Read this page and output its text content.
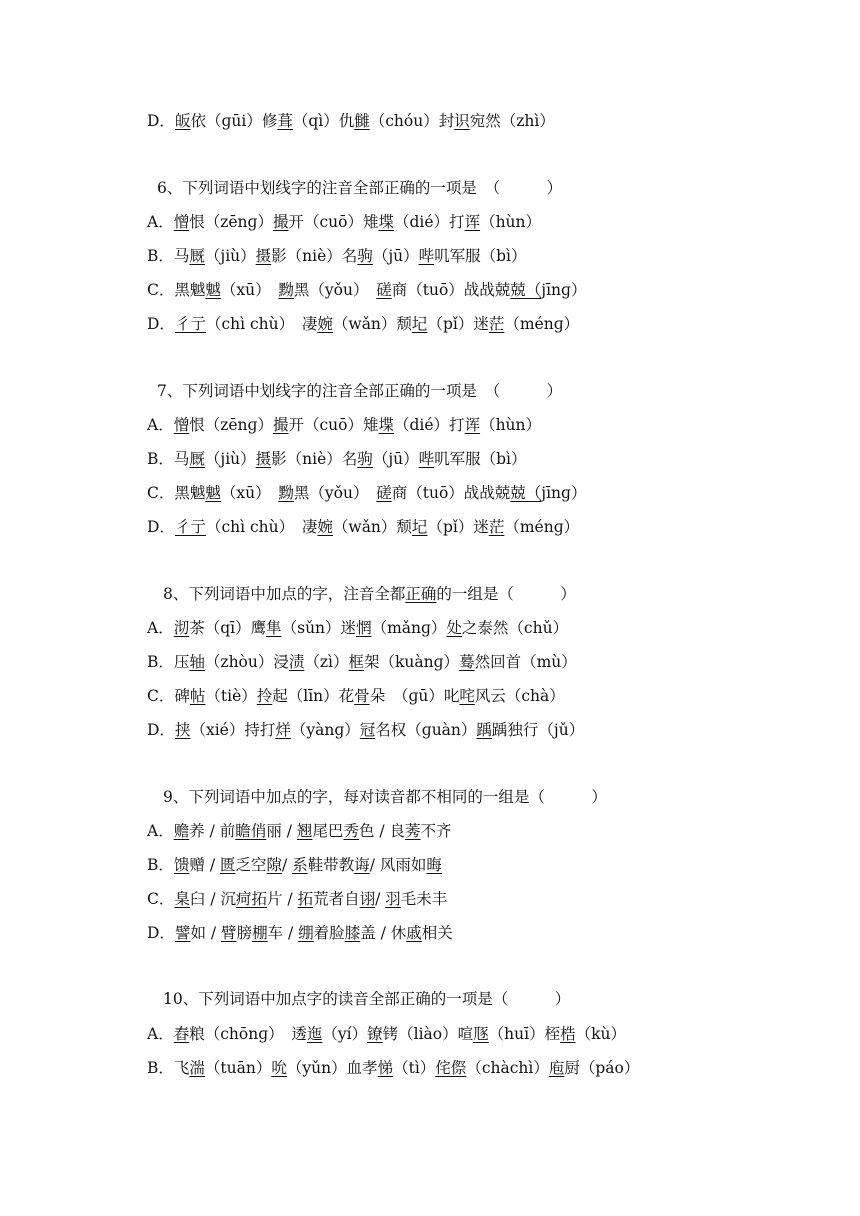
D．皈依（ɡūi）修葺（qì）仇雠（chóu）封识宛然（zhì）
6、下列词语中划线字的注音全部正确的一项是　（　　　）
A．憎恨（zēnɡ）撮开（cuō）雉堞（dié）打诨（hùn）
B．马厩（jiù）摄影（niè）名驹（jū）哔叽军服（bì）
C．黑魆魆（xū）　黝黑（yǒu）　磋商（tuō）战战兢兢（jīnɡ）
D．彳亍（chì chù）　凄婉（wǎn）颓圮（pǐ）迷茫（ménɡ）
7、下列词语中划线字的注音全部正确的一项是　（　　　）
A．憎恨（zēnɡ）撮开（cuō）雉堞（dié）打诨（hùn）
B．马厩（jiù）摄影（niè）名驹（jū）哔叽军服（bì）
C．黑魆魆（xū）　黝黑（yǒu）　磋商（tuō）战战兢兢（jīnɡ）
D．彳亍（chì chù）　凄婉（wǎn）颓圮（pǐ）迷茫（ménɡ）
8、下列词语中加点的字，注音全都正确的一组是（　　　）
A．沏茶（qī）鹰隼（sǔn）迷惘（mǎnɡ）处之泰然（chǔ）
B．压轴（zhòu）浸渍（zì）框架（kuànɡ）蓦然回首（mù）
C．碑帖（tiè）拎起（līn）花骨朵　（ɡū）叱咤风云（chà）
D．挟（xié）持打烊（yànɡ）冠名权（ɡuàn）踽踽独行（jǔ）
9、下列词语中加点的字，每对读音都不相同的一组是（　　　）
A．赡养 / 前瞻俏丽 / 翘尾巴秀色 / 良莠不齐
B．馈赠 / 匮乏空隙/ 系鞋带教诲/ 风雨如晦
C．臬臼 / 沉疴拓片 / 拓荒者自诩/ 羽毛未丰
D．譬如 / 臂膀棚车 / 绷着脸膝盖 / 休戚相关
10、下列词语中加点字的读音全部正确的一项是（　　　）
A．舂粮（chōnɡ）　透迤（yí）镣铐（liào）喧豗（huī）桎梏（kù）
B．飞湍（tuān）吮（yǔn）血孝悌（tì）侘傺（chàchì）庖厨（páo）
